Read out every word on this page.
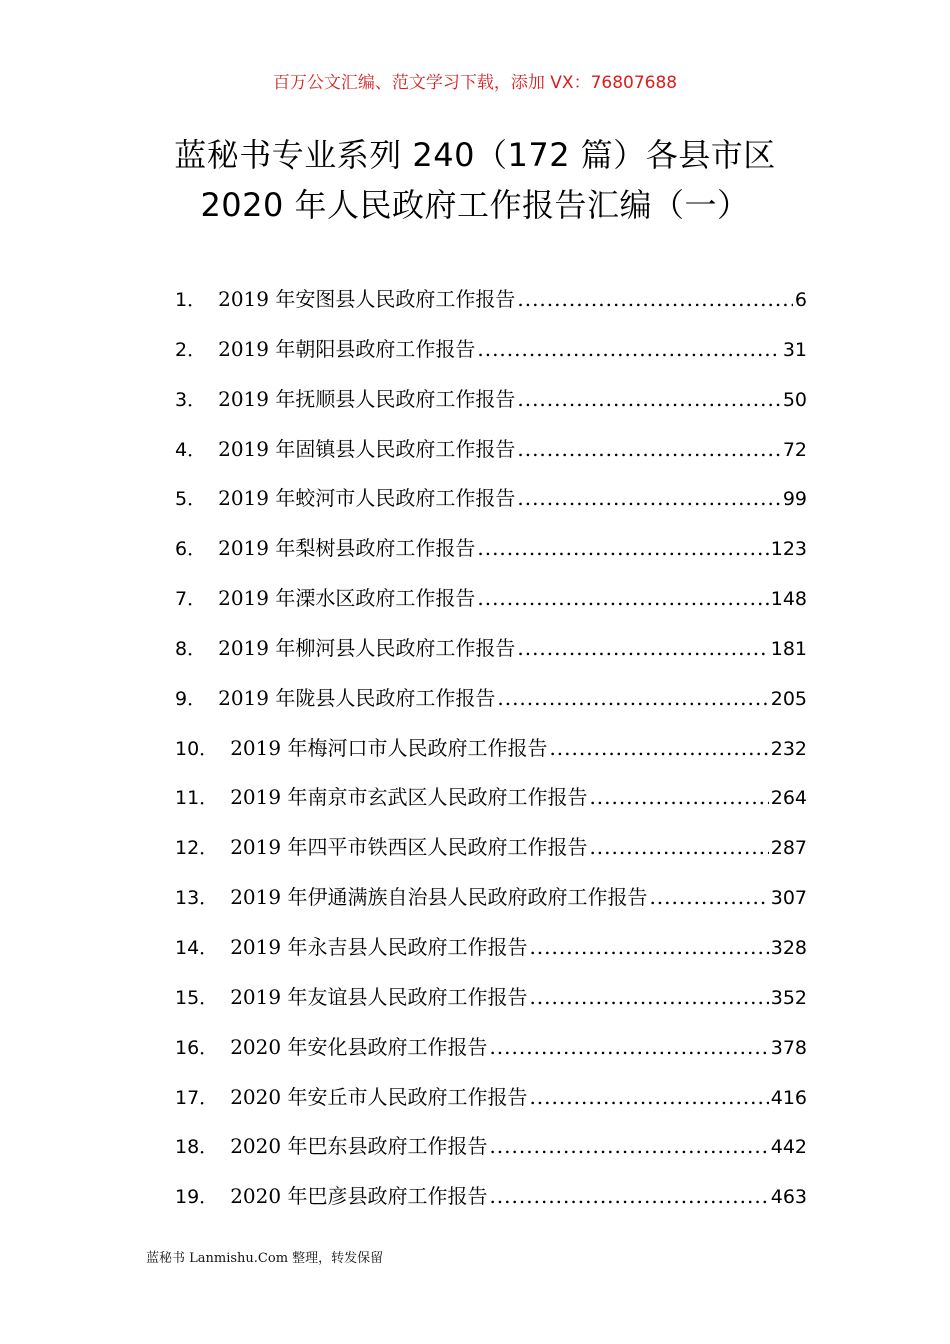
百万公文汇编、范文学习下载，添加 VX：76807688
蓝秘书专业系列 240（172 篇）各县市区
2020 年人民政府工作报告汇编（一）
1． 2019 年安图县人民政府工作报告 .....	6
2． 2019 年朝阳县政府工作报告 .....	31
3． 2019 年抚顺县人民政府工作报告 .....	50
4． 2019 年固镇县人民政府工作报告 .....	72
5． 2019 年蛟河市人民政府工作报告 .....	99
6． 2019 年梨树县政府工作报告 .....	123
7． 2019 年溧水区政府工作报告 .....	148
8． 2019 年柳河县人民政府工作报告 .....	181
9． 2019 年陇县人民政府工作报告 .....	205
10． 2019 年梅河口市人民政府工作报告 .....	232
11． 2019 年南京市玄武区人民政府工作报告 .....	264
12． 2019 年四平市铁西区人民政府工作报告 .....	287
13． 2019 年伊通满族自治县人民政府政府工作报告 .....	307
14． 2019 年永吉县人民政府工作报告 .....	328
15． 2019 年友谊县人民政府工作报告 .....	352
16． 2020 年安化县政府工作报告 .....	378
17． 2020 年安丘市人民政府工作报告 .....	416
18． 2020 年巴东县政府工作报告 .....	442
19． 2020 年巴彦县政府工作报告 .....	463
蓝秘书 Lanmishu.Com 整理，转发保留
